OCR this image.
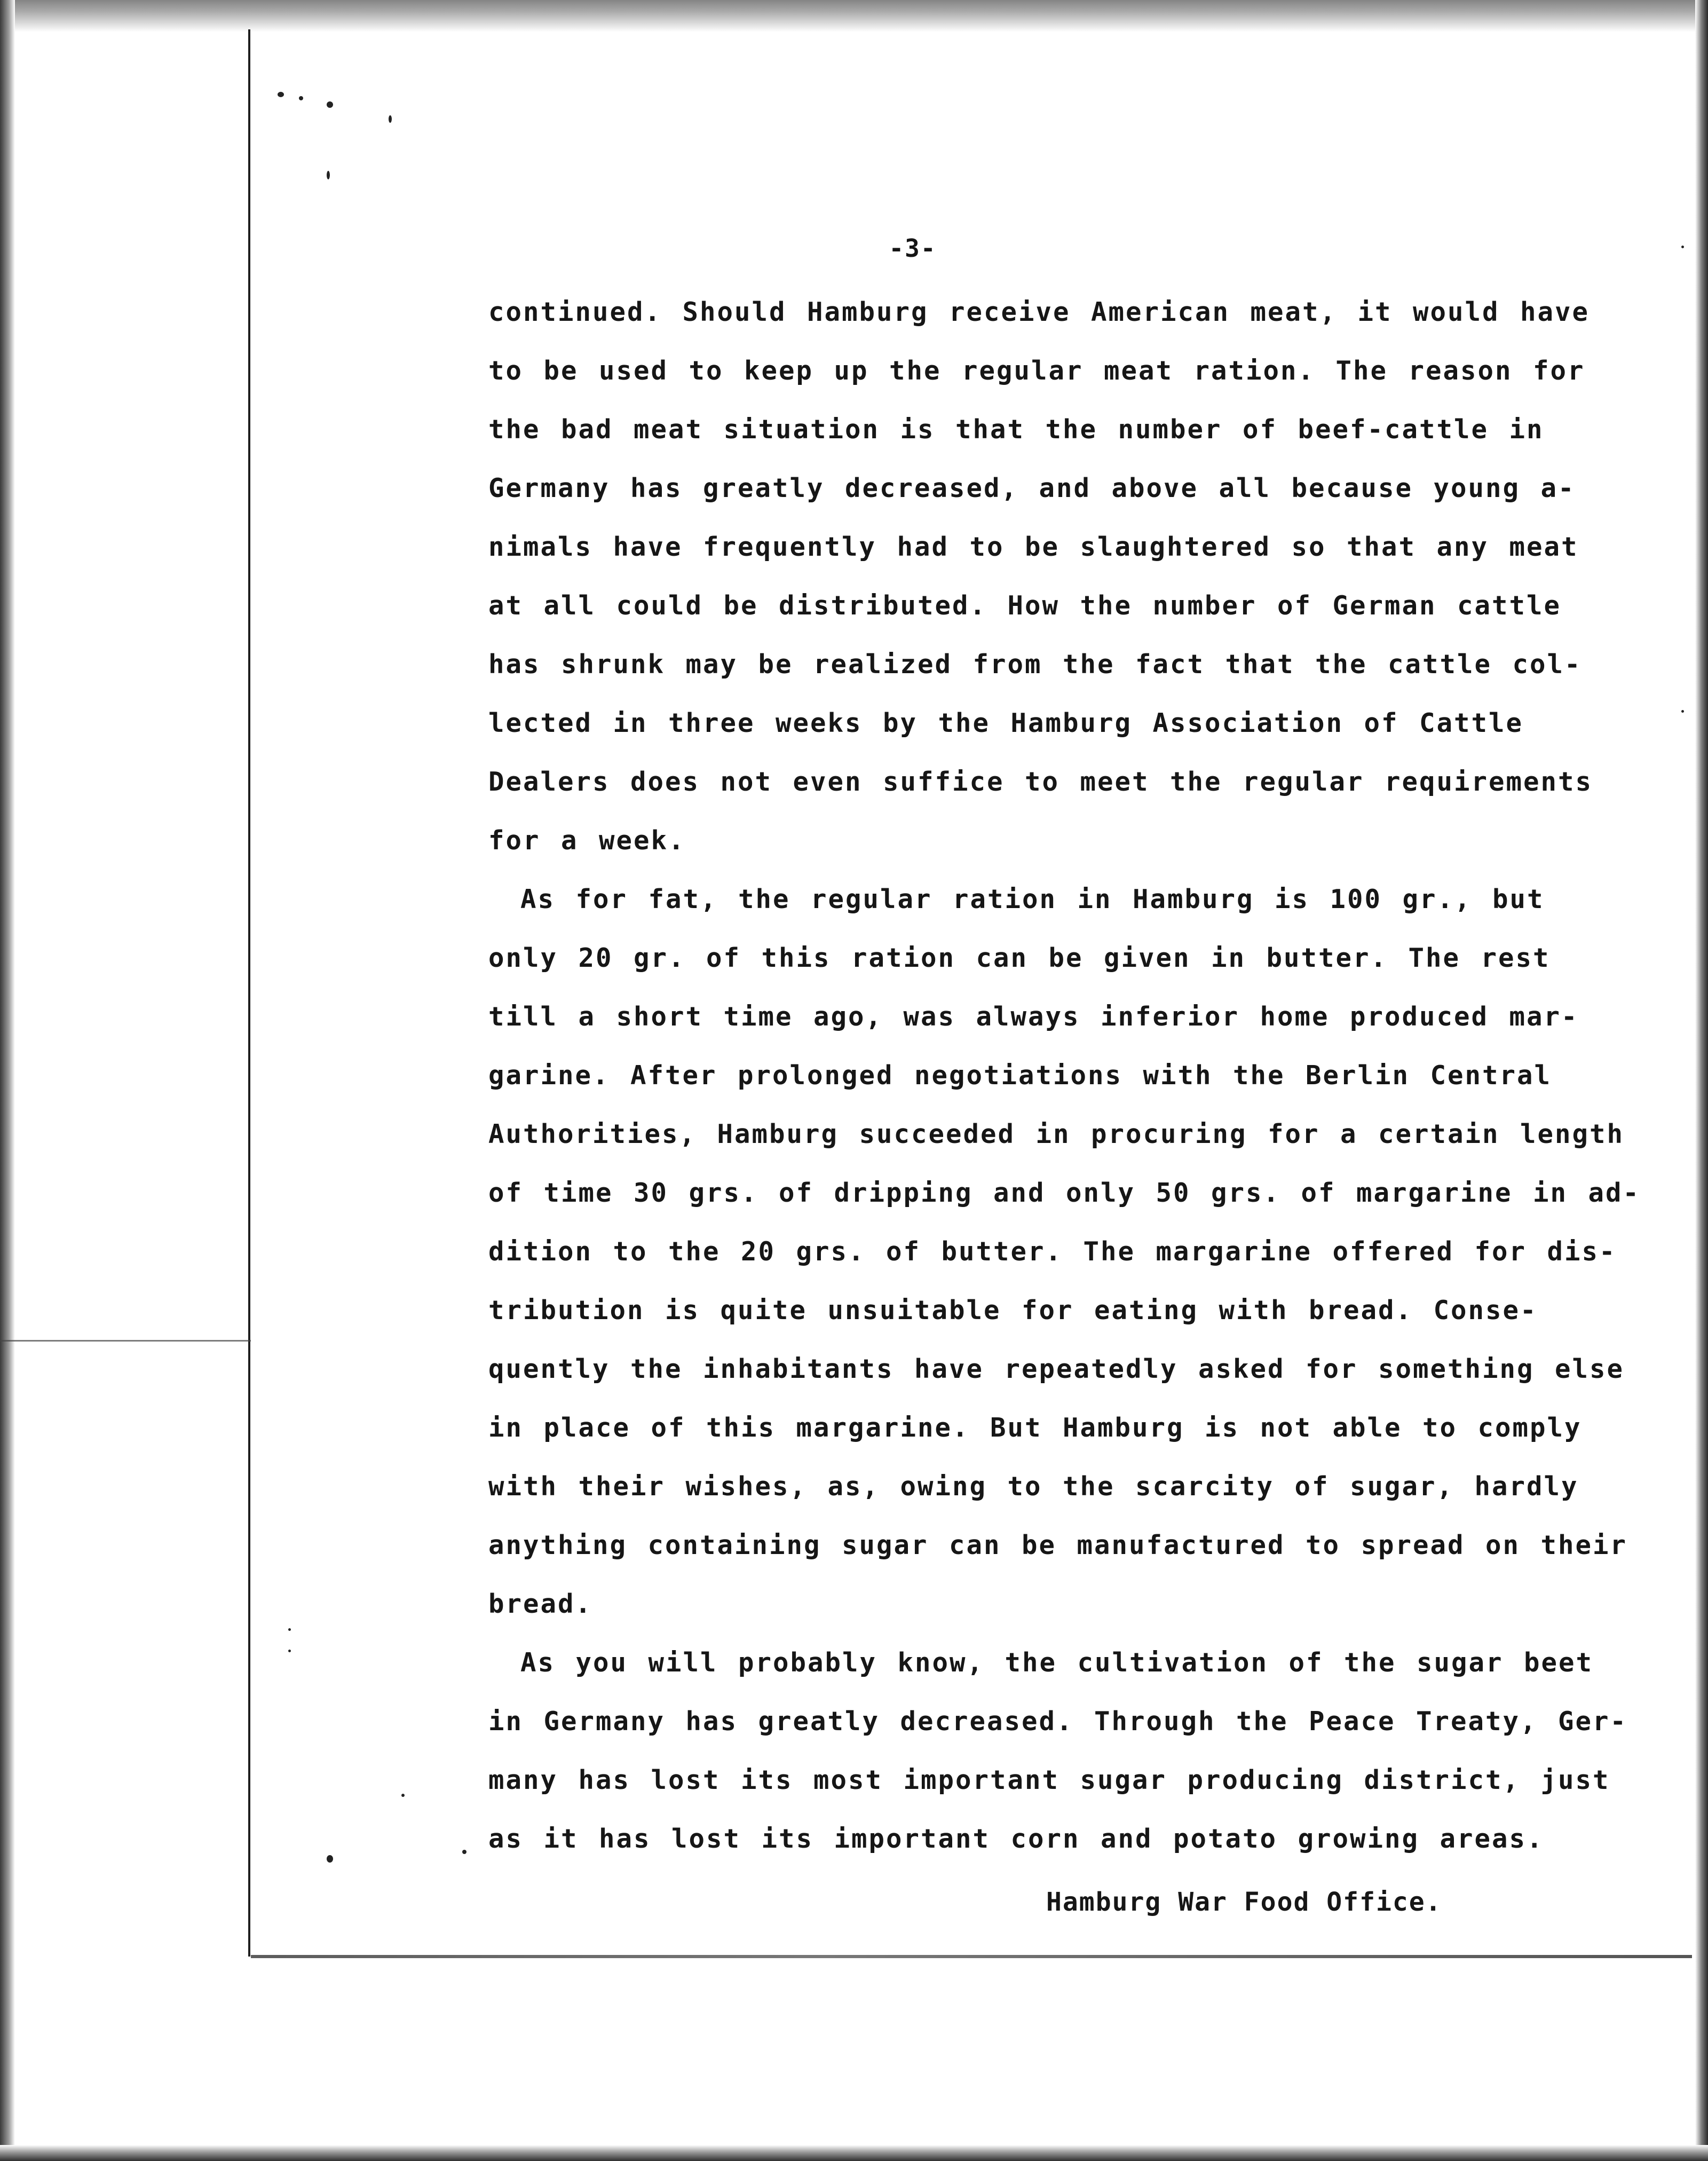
-3-
continued. Should Hamburg receive American meat, it would have
to be used to keep up the regular meat ration. The reason for
the bad meat situation is that the number of beef-cattle in
Germany has greatly decreased, and above all because young a-
nimals have frequently had to be slaughtered so that any meat
at all could be distributed. How the number of German cattle
has shrunk may be realized from the fact that the cattle col-
lected in three weeks by the Hamburg Association of Cattle
Dealers does not even suffice to meet the regular requirements
for a week.
As for fat, the regular ration in Hamburg is 100 gr., but
only 20 gr. of this ration can be given in butter. The rest
till a short time ago, was always inferior home produced mar-
garine. After prolonged negotiations with the Berlin Central
Authorities, Hamburg succeeded in procuring for a certain length
of time 30 grs. of dripping and only 50 grs. of margarine in ad-
dition to the 20 grs. of butter. The margarine offered for dis-
tribution is quite unsuitable for eating with bread. Conse-
quently the inhabitants have repeatedly asked for something else
in place of this margarine. But Hamburg is not able to comply
with their wishes, as, owing to the scarcity of sugar, hardly
anything containing sugar can be manufactured to spread on their
bread.
As you will probably know, the cultivation of the sugar beet
in Germany has greatly decreased. Through the Peace Treaty, Ger-
many has lost its most important sugar producing district, just
as it has lost its important corn and potato growing areas.
Hamburg War Food Office.
